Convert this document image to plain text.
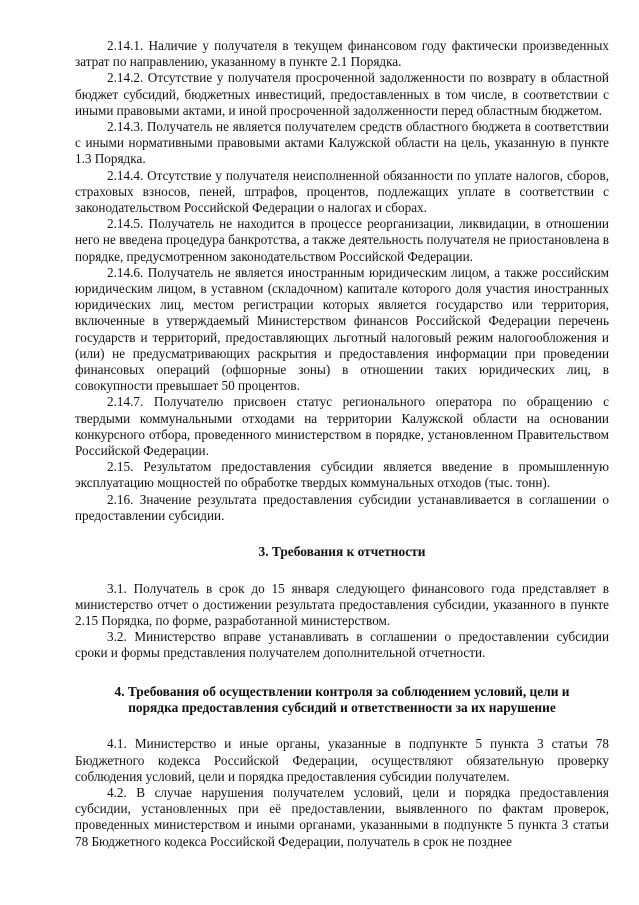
2.14.1. Наличие у получателя в текущем финансовом году фактически произведенных затрат по направлению, указанному в пункте 2.1 Порядка.

2.14.2. Отсутствие у получателя просроченной задолженности по возврату в областной бюджет субсидий, бюджетных инвестиций, предоставленных в том числе, в соответствии с иными правовыми актами, и иной просроченной задолженности перед областным бюджетом.

2.14.3. Получатель не является получателем средств областного бюджета в соответствии с иными нормативными правовыми актами Калужской области на цель, указанную в пункте 1.3 Порядка.

2.14.4. Отсутствие у получателя неисполненной обязанности по уплате налогов, сборов, страховых взносов, пеней, штрафов, процентов, подлежащих уплате в соответствии с законодательством Российской Федерации о налогах и сборах.

2.14.5. Получатель не находится в процессе реорганизации, ликвидации, в отношении него не введена процедура банкротства, а также деятельность получателя не приостановлена в порядке, предусмотренном законодательством Российской Федерации.

2.14.6. Получатель не является иностранным юридическим лицом, а также российским юридическим лицом, в уставном (складочном) капитале которого доля участия иностранных юридических лиц, местом регистрации которых является государство или территория, включенные в утверждаемый Министерством финансов Российской Федерации перечень государств и территорий, предоставляющих льготный налоговый режим налогообложения и (или) не предусматривающих раскрытия и предоставления информации при проведении финансовых операций (офшорные зоны) в отношении таких юридических лиц, в совокупности превышает 50 процентов.

2.14.7. Получателю присвоен статус регионального оператора по обращению с твердыми коммунальными отходами на территории Калужской области на основании конкурсного отбора, проведенного министерством в порядке, установленном Правительством Российской Федерации.

2.15. Результатом предоставления субсидии является введение в промышленную эксплуатацию мощностей по обработке твердых коммунальных отходов (тыс. тонн).

2.16. Значение результата предоставления субсидии устанавливается в соглашении о предоставлении субсидии.

3. Требования к отчетности

3.1. Получатель в срок до 15 января следующего финансового года представляет в министерство отчет о достижении результата предоставления субсидии, указанного в пункте 2.15 Порядка, по форме, разработанной министерством.

3.2. Министерство вправе устанавливать в соглашении о предоставлении субсидии сроки и формы представления получателем дополнительной отчетности.

4. Требования об осуществлении контроля за соблюдением условий, цели и
порядка предоставления субсидий и ответственности за их нарушение

4.1. Министерство и иные органы, указанные в подпункте 5 пункта 3 статьи 78 Бюджетного кодекса Российской Федерации, осуществляют обязательную проверку соблюдения условий, цели и порядка предоставления субсидии получателем.

4.2. В случае нарушения получателем условий, цели и порядка предоставления субсидии, установленных при её предоставлении, выявленного по фактам проверок, проведенных министерством и иными органами, указанными в подпункте 5 пункта 3 статьи 78 Бюджетного кодекса Российской Федерации, получатель в срок не позднее
